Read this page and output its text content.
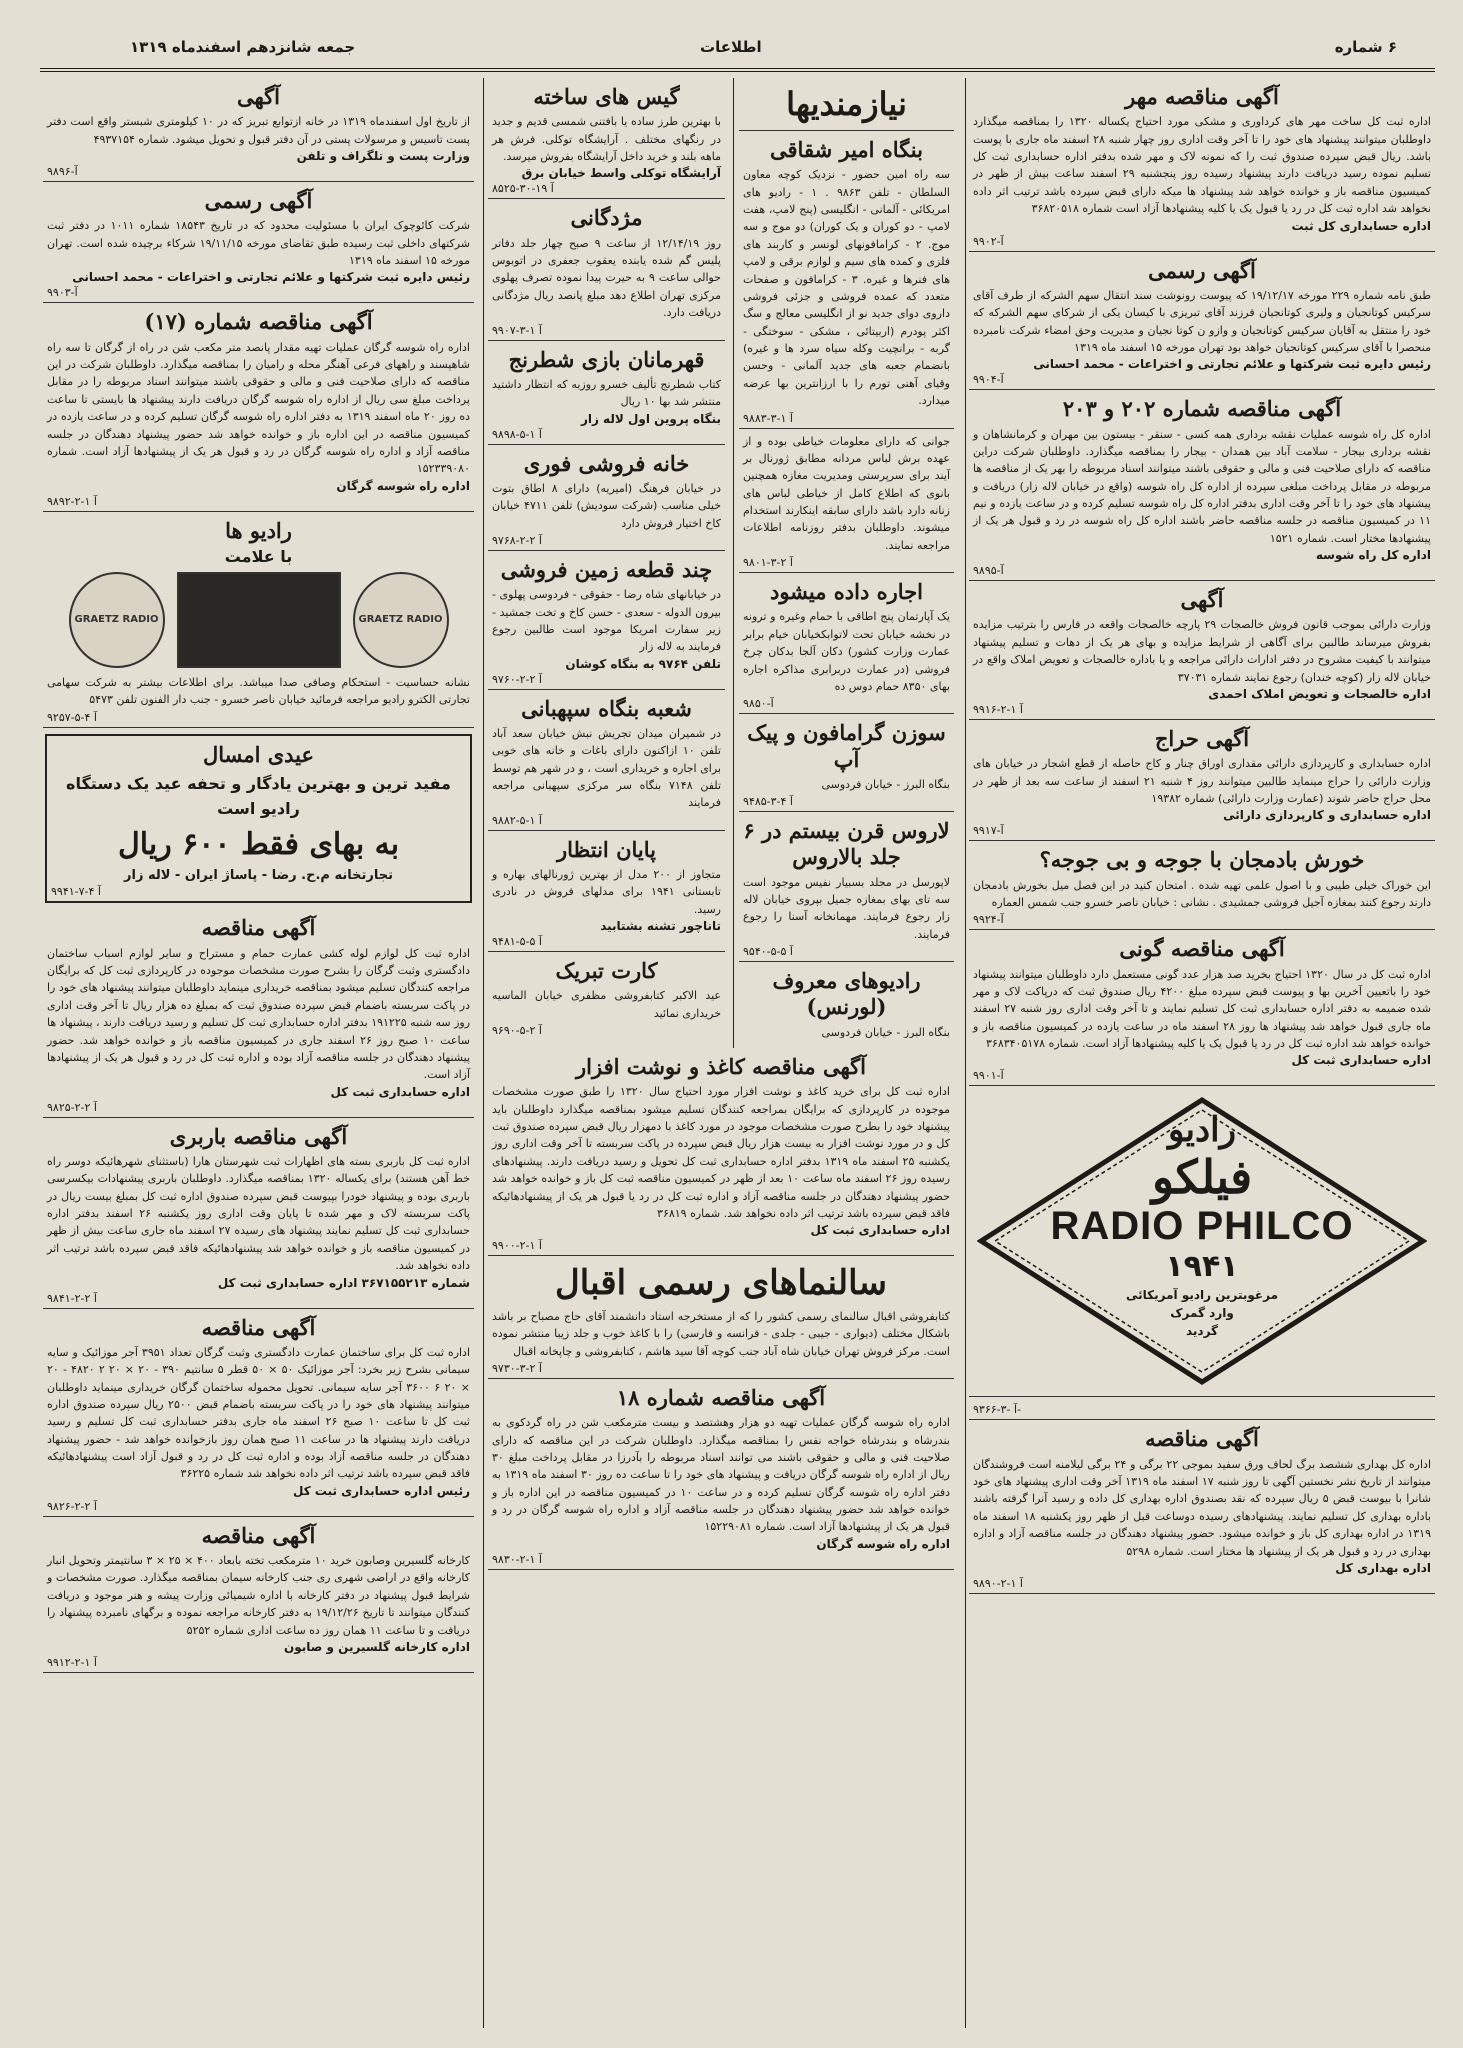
۶ شماره
اطلاعات
جمعه شانزدهم اسفندماه ۱۳۱۹
آگهی مناقصه مهر

اداره ثبت کل ساخت مهر های کرداوری و مشکی مورد احتیاج یکساله ۱۳۲۰ را بمناقصه میگذارد داوطلبان میتوانند پیشنهاد های خود را تا آخر وقت اداری روز چهار شنبه ۲۸ اسفند ماه جاری با پوست باشد. ریال قبض سپرده صندوق ثبت را که نمونه لاک و مهر شده بدفتر اداره حسابداری ثبت کل تسلیم نموده رسید دریافت دارند پیشنهاد رسیده روز پنجشنبه ۲۹ اسفند ساعت بیش از ظهر در کمیسیون مناقصه باز و خوانده خواهد شد پیشنهاد ها میکه دارای قبض سپرده باشد ترتیب اثر داده نخواهد شد اداره ثبت کل در رد یا قبول یک یا کلیه پیشنهادها آزاد است شماره ۳۶۸۲۰۵۱۸

اداره حسابداری کل ثبت
۹۹۰۲-آ
آگهی رسمی

طبق نامه شماره ۲۲۹ مورخه ۱۹/۱۲/۱۷ که پیوست رونوشت سند انتقال سهم الشرکه از طرف آقای سرکیس کوتانجیان و ولیری کوتانجیان فرزند آقای تبریزی با کیسان یکی از شرکای سهم الشرکه که خود را منتقل به آقایان سرکیس کوتانجیان و وازو ن کوتا نجیان و مدیریت وحق امضاء شرکت نامبرده منحصرا با آقای سرکیس کوتانجیان خواهد بود تهران مورخه ۱۵ اسفند ماه ۱۳۱۹

رئیس دایره ثبت شرکتها و علائم تجارتی و اختراعات - محمد احسانی
۹۹۰۴-آ
آگهی مناقصه شماره ۲۰۲ و ۲۰۳

اداره کل راه شوسه عملیات نقشه برداری همه کسی - سنقر - بیستون بین مهران و کرمانشاهان و نقشه برداری بیجار - سلامت آباد بین همدان - بیجار را بمناقصه میگذارد. داوطلبان شرکت دراین مناقصه که دارای صلاحیت فنی و مالی و حقوقی باشند میتوانند اسناد مربوطه را بهر یک از مناقصه ها مربوطه در مقابل پرداخت مبلغی سپرده از اداره کل راه شوسه (واقع در خیابان لاله زار) دریافت و پیشنهاد های خود را تا آخر وقت اداری بدفتر اداره کل راه شوسه تسلیم کرده و در ساعت یازده و نیم ۱۱ در کمیسیون مناقصه در جلسه مناقصه حاضر باشند اداره کل راه شوسه در رد و قبول هر یک از پیشنهادها مختار است. شماره ۱۵۲۱

اداره کل راه شوسه
۹۸۹۵-آ
آگهی

وزارت دارائی بموجب قانون فروش خالصجات ۲۹ پارچه خالصجات واقعه در فارس را بترتیب مزایده بفروش میرساند طالبین برای آگاهی از شرایط مزایده و بهای هر یک از دهات و تسلیم پیشنهاد میتوانند با کیفیت مشروح در دفتر ادارات دارائی مراجعه و یا باداره خالصجات و تعویض املاک واقع در خیابان لاله زار (کوچه خندان) رجوع نمایند شماره ۳۷۰۳۱

اداره خالصجات و تعویض املاک احمدی
۹۹۱۶-آ ۱-۲
آگهی حراج

اداره حسابداری و کارپردازی دارائی مقداری اوراق چنار و کاج حاصله از قطع اشجار در خیابان های وزارت دارائی را حراج مینماید طالبین میتوانند روز ۴ شنبه ۲۱ اسفند از ساعت سه بعد از ظهر در محل حراج حاضر شوند (عمارت وزارت دارائی) شماره ۱۹۳۸۲

اداره حسابداری و کارپردازی دارائی
۹۹۱۷-آ
خورش بادمجان با جوجه و بی جوجه؟

این خوراک خیلی طیبی و با اصول علمی تهیه شده . امتحان کنید در این فصل میل بخورش بادمجان دارند رجوع کنند بمغازه آجیل فروشی جمشیدی . نشانی : خیابان ناصر خسرو جنب شمس العماره

۹۹۲۴-آ
آگهی مناقصه گونی

اداره ثبت کل در سال ۱۳۲۰ احتیاج بخرید صد هزار عدد گونی مستعمل دارد داوطلبان میتوانند پیشنهاد خود را باتعیین آخرین بها و پیوست قبض سپرده مبلغ ۴۲۰۰ ریال صندوق ثبت که درپاکت لاک و مهر شده ضمیمه به دفتر اداره حسابداری ثبت کل تسلیم نمایند و تا آخر وقت اداری روز شنبه ۲۷ اسفند ماه جاری قبول خواهد شد پیشنهاد ها روز ۲۸ اسفند ماه در ساعت یازده در کمیسیون مناقصه باز و خوانده خواهد شد اداره ثبت کل در رد یا قبول یک یا کلیه پیشنهادها آزاد است. شماره ۳۶۸۳۴۰۵۱۷۸

اداره حسابداری ثبت کل
۹۹۰۱-آ
رادیو
فیلکو
RADIO PHILCO
۱۹۴۱
مرغوبترین رادیو آمریکائی
وارد گمرک
گردید
۹۳۶۶-آ -۳-
آگهی مناقصه

اداره کل بهداری ششصد برگ لحاف ورق سفید بموجی ۲۲ برگی و ۲۴ برگی لیلامنه است فروشندگان میتوانند از تاریخ نشر نخستین آگهی تا روز شنبه ۱۷ اسفند ماه ۱۳۱۹ آخر وقت اداری پیشنهاد های خود شانرا با بیوست قبض ۵ ریال سپرده که نقد بصندوق اداره بهداری کل داده و رسید آنرا گرفته باشند باداره بهداری کل تسلیم نمایند. پیشنهادهای رسیده دوساعت قبل از ظهر روز یکشنبه ۱۸ اسفند ماه ۱۳۱۹ در اداره بهداری کل باز و خوانده میشود. حضور پیشنهاد دهندگان در جلسه مناقصه آزاد و اداره بهداری در رد و قبول هر یک از پیشنهاد ها مختار است. شماره ۵۲۹۸

اداره بهداری کل
۹۸۹۰-آ ۱-۲
نیازمندیها
بنگاه امیر شقاقی

سه راه امین حضور - نزدیک کوچه معاون السلطان - تلفن ۹۸۶۳ . ۱ - رادیو های امریکائی - آلمانی - انگلیسی (پنج لامپ، هفت لامپ - دو کوران و یک کوران) دو موج و سه موج. ۲ - کرامافونهای لونسر و کاربند های فلزی و کمده های سیم و لوازم برقی و لامپ های فنرها و غیره. ۳ - کرامافون و صفحات متعدد که عمده فروشی و جزئی فروشی داروی دوای جدید نو از انگلیسی معالج و سگ اکثر پودرم (اربیتائی ، مشکی - سوختگی - گربه - برانچیت وکله سیاه سرد ها و غیره) بانضمام جعبه های جدید آلمانی - وحسن وقیای آهنی تورم را با ارزانترین بها عرضه میدارد.

۹۸۸۳-آ ۱-۳

جوانی که دارای معلومات خیاطی بوده و از عهده برش لباس مردانه مطابق ژورنال بر آیند برای سرپرستی ومدیریت مغازه همچنین بانوی که اطلاع کامل از خیاطی لباس های زنانه دارد باشد دارای سابقه اینکارند استخدام میشوند. داوطلبان بدفتر روزنامه اطلاعات مراجعه نمایند.

۹۸۰۱-آ ۲-۳
اجاره داده میشود

یک آپارتمان پنج اطاقی با حمام وغیره و ترونه در نخشه خیابان تحت لاتوابکخیابان خیام برابر عمارت وزارت کشور) دکان آلجا بدکان چرخ فروشی (در عمارت دربرابری مذاکره اجاره بهای ۸۳۵۰ حمام دوس ده

۹۸۵۰-آ
سوزن گرامافون و پیک آپ

بنگاه البرز - خیابان فردوسی

۹۴۸۵-آ ۴-۳
لاروس قرن بیستم در ۶ جلد بالاروس

لاپورسل در مجلد بسبیار نفیس موجود است سه تای بهای بمغازه جمیل بپروی خیابان لاله زار رجوع فرمایند. مهمانخانه آسنا را رجوع فرمایند.

۹۵۴۰-آ ۵-۵
رادیوهای معروف (لورنس)

بنگاه البرز - خیابان فردوسی

گیس های ساخته

با بهترین طرز ساده یا بافتنی شمسی قدیم و جدید در رنگهای مختلف . آرایشگاه توکلی. فرش هر ماهه بلند و خرید داخل آرایشگاه بفروش میرسد.

آرایشگاه توکلی واسط خیابان برق
۸۵۲۵-آ ۱۹-۳۰
مژدگانی

روز ۱۲/۱۴/۱۹ از ساعت ۹ صبح چهار جلد دفاتر پلیس گم شده یابنده یعقوب جعفری در اتوبوس حوالی ساعت ۹ به حیرت پیدا نموده تصرف پهلوی مرکزی تهران اطلاع دهد مبلغ پانصد ریال مژدگانی دریافت دارد.

۹۹۰۷-آ ۱-۳
قهرمانان بازی شطرنج

کتاب شطرنج تألیف خسرو روزبه که انتظار داشتید منتشر شد بها ۱۰ ریال

بنگاه پروین اول لاله زار
۹۸۹۸-آ ۱-۵
خانه فروشی فوری

در خیابان فرهنگ (امیریه) دارای ۸ اطاق بتوت خیلی مناسب (شرکت سودیش) تلفن ۴۷۱۱ خیابان کاخ اختیار فروش دارد

۹۷۶۸-آ ۲-۲
چند قطعه زمین فروشی

در خیابانهای شاه رضا - حقوقی - فردوسی پهلوی - بیرون الدوله - سعدی - حسن کاخ و تخت جمشید - زیر سفارت امریکا موجود است طالبین رجوع فرمایند به لاله زار

تلفن ۹۷۶۴ به بنگاه کوشان
۹۷۶۰-آ ۲-۲
شعبه بنگاه سپهبانی

در شمیران میدان تجریش نبش خیابان سعد آباد تلفن ۱۰ ازاکنون دارای باغات و خانه های خوبی برای اجاره و خریداری است ، و در شهر هم توسط تلفن ۷۱۴۸ بنگاه سر مرکزی سپهبانی مراجعه فرمایند

۹۸۸۲-آ ۱-۵
پایان انتظار

متجاوز از ۲۰۰ مدل از بهترین ژورنالهای بهاره و تابستانی ۱۹۴۱ برای مدلهای فروش در نادری رسید.

تاناچور تشنه بشتابید
۹۴۸۱-آ ۵-۵
کارت تبریک

عید الاکبر کتابفروشی مظفری خیابان الماسیه خریداری نمائید

۹۶۹۰-آ ۲-۵

آگهی مناقصه کاغذ و نوشت افزار

اداره ثبت کل برای خرید کاغذ و نوشت افزار مورد احتیاج سال ۱۳۲۰ را طبق صورت مشخصات موجوده در کارپردازی که برایگان بمراجعه کنندگان تسلیم میشود بمناقصه میگذارد داوطلبان باید پیشنهاد خود را بطرح صورت مشخصات موجود در مورد کاغذ با دمهزار ریال قبض سپرده صندوق ثبت کل و در مورد نوشت افزار به بیست هزار ریال قبض سپرده در پاکت سربسته تا آخر وقت اداری روز یکشنبه ۲۵ اسفند ماه ۱۳۱۹ بدفتر اداره حسابداری ثبت کل تحویل و رسید دریافت دارند. پیشنهادهای رسیده روز ۲۶ اسفند ماه ساعت ۱۰ بعد از ظهر در کمیسیون مناقصه ثبت کل باز و خوانده خواهد شد حضور پیشنهاد دهندگان در جلسه مناقصه آزاد و اداره ثبت کل در رد یا قبول هر یک از پیشنهادهائیکه فاقد قبض سپرده باشد ترتیب اثر داده نخواهد شد. شماره ۳۶۸۱۹

اداره حسابداری ثبت کل
۹۹۰۰-آ ۱-۲
سالنماهای رسمی اقبال

کتابفروشی اقبال سالنمای رسمی کشور را که از مستخرجه استاد دانشمند آقای حاج مصباح بر باشد باشکال مختلف (دیواری - جیبی - جلدی - فرانسه و فارسی) را با کاغذ خوب و جلد زیبا منتشر نموده است. مرکز فروش تهران خیابان شاه آباد جنب کوچه آقا سید هاشم ، کتابفروشی و چاپخانه اقبال

۹۷۳۰-آ ۲-۳
آگهی مناقصه شماره ۱۸

اداره راه شوسه گرگان عملیات تهیه دو هزار وهشتصد و بیست مترمکعب شن در راه گردکوی به بندرشاه و بندرشاه خواجه نفس را بمناقصه میگذارد. داوطلبان شرکت در این مناقصه که دارای صلاحیت فنی و مالی و حقوقی باشند می توانند اسناد مربوطه را بآدرزا در مقابل پرداخت مبلغ ۳۰ ریال از اداره راه شوسه گرگان دریافت و پیشنهاد های خود را تا ساعت ده روز ۳۰ اسفند ماه ۱۳۱۹ به دفتر اداره راه شوسه گرگان تسلیم کرده و در ساعت ۱۰ در کمیسیون مناقصه در این اداره باز و خوانده خواهد شد حضور پیشنهاد دهندگان در جلسه مناقصه آزاد و اداره راه شوسه گرگان در رد و قبول هر یک از پیشنهادها آزاد است. شماره ۱۵۲۲۹۰۸۱

اداره راه شوسه گرگان
۹۸۳۰-آ ۱-۲
آگهی

از تاریخ اول اسفندماه ۱۳۱۹ در خانه ازتوابع تبریز که در ۱۰ کیلومتری شبستر واقع است دفتر پست تاسیس و مرسولات پستی در آن دفتر قبول و تحویل میشود. شماره ۴۹۳۷۱۵۴

وزارت پست و تلگراف و تلفن
۹۸۹۶-آ
آگهی رسمی

شرکت کائوچوک ایران با مسئولیت محدود که در تاریخ ۱۸۵۴۳ شماره ۱۰۱۱ در دفتر ثبت شرکتهای داخلی ثبت رسیده طبق تقاضای مورخه ۱۹/۱۱/۱۵ شرکاء برچیده شده است. تهران مورخه ۱۵ اسفند ماه ۱۳۱۹

رئیس دایره ثبت شرکتها و علائم تجارتی و اختراعات - محمد احسانی
۹۹۰۳-آ
آگهی مناقصه شماره (۱۷)

اداره راه شوسه گرگان عملیات تهیه مقدار پانصد متر مکعب شن در راه از گرگان تا سه راه شاهپسند و راههای فرعی آهنگر محله و رامیان را بمناقصه میگذارد. داوطلبان شرکت در این مناقصه که دارای صلاحیت فنی و مالی و حقوقی باشند میتوانند اسناد مربوطه را در مقابل پرداخت مبلغ سی ریال از اداره راه شوسه گرگان دریافت دارند پیشنهاد ها بایستی تا ساعت ده روز ۲۰ ماه اسفند ۱۳۱۹ به دفتر اداره راه شوسه گرگان تسلیم کرده و در ساعت یازده در کمیسیون مناقصه در این اداره باز و خوانده خواهد شد حضور پیشنهاد دهندگان در جلسه مناقصه آزاد و اداره راه شوسه گرگان در رد و قبول هر یک از پیشنهادها آزاد است. شماره ۱۵۲۳۳۹۰۸۰

اداره راه شوسه گرگان
۹۸۹۲-آ ۱-۲
رادیو ها
با علامت
GRAETZ RADIO	GRAETZ RADIO

نشانه حساسیت - استحکام وصافی صدا میباشد. برای اطلاعات بیشتر به شرکت سهامی تجارتی الکترو رادیو مراجعه فرمائید خیابان ناصر خسرو - جنب دار الفنون تلفن ۵۴۷۳

۹۲۵۷-آ ۴-۵
عیدی امسال

مفید ترین و بهترین یادگار و تحفه عید یک دستگاه رادیو است

به بهای فقط ۶۰۰ ریال
تجارتخانه م.ح. رضا - پاساژ ایران - لاله زار
۹۹۴۱-آ ۴-۷
آگهی مناقصه

اداره ثبت کل لوازم لوله کشی عمارت حمام و مستراح و سایر لوازم اسباب ساختمان دادگستری وثبت گرگان را بشرح صورت مشخصات موجوده در کارپردازی ثبت کل که برایگان مراجعه کنندگان تسلیم میشود بمناقصه خریداری مینماید داوطلبان میتوانند پیشنهاد های خود را در پاکت سربسته باضمام قبض سپرده صندوق ثبت که بمبلغ ده هزار ریال تا آخر وقت اداری روز سه شنبه ۱۹۱۲۲۵ بدفتر اداره حسابداری ثبت کل تسلیم و رسید دریافت دارند ، پیشنهاد ها ساعت ۱۰ صبح روز ۲۶ اسفند جاری در کمیسیون مناقصه باز و خوانده خواهد شد. حضور پیشنهاد دهندگان در جلسه مناقصه آزاد بوده و اداره ثبت کل در رد و قبول هر یک از پیشنهادها آزاد است.

اداره حسابداری ثبت کل
۹۸۲۵-آ ۲-۲
آگهی مناقصه باربری

اداره ثبت کل باربری بسته های اظهارات ثبت شهرستان هارا (باستثنای شهرهائیکه دوسر راه خط آهن هستند) برای یکساله ۱۳۲۰ بمناقصه میگذارد. داوطلبان باربری پیشنهادات بیکسرسی باربری بوده و پیشنهاد خودرا بپیوست قبض سپرده صندوق اداره ثبت کل بمبلغ بیست ریال در پاکت سربسته لاک و مهر شده تا پایان وقت اداری روز یکشنبه ۲۶ اسفند بدفتر اداره حسابداری ثبت کل تسلیم نمایند پیشنهاد های رسیده ۲۷ اسفند ماه جاری ساعت بیش از ظهر در کمیسیون مناقصه باز و خوانده خواهد شد پیشنهادهائیکه فاقد قبض سپرده باشد ترتیب اثر داده نخواهد شد.

شماره ۳۶۷۱۵۵۲۱۳ اداره حسابداری ثبت کل
۹۸۴۱-آ ۲-۲
آگهی مناقصه

اداره ثبت کل برای ساختمان عمارت دادگستری وثبت گرگان تعداد ۳۹۵۱ آجر موزائیک و سایه سیمانی بشرح زیر بخرد: آجر موزائیک ۵۰ × ۵۰ قطر ۵ سانتیم ۳۹۰ - ۲۰ × ۲۰ ۲ ۴۸۲۰ - ۲۰ × ۲۰ ۶ ۳۶۰۰ آجر سایه سیمانی. تحویل محموله ساختمان گرگان خریداری مینماید داوطلبان میتوانند پیشنهاد های خود را در پاکت سربسته باضمام قبض ۲۵۰۰ ریال سپرده صندوق اداره ثبت کل تا ساعت ۱۰ صبح ۲۶ اسفند ماه جاری بدفتر حسابداری ثبت کل تسلیم و رسید دریافت دارند پیشنهاد ها در ساعت ۱۱ صبح همان روز بازخوانده خواهد شد - حضور پیشنهاد دهندگان در جلسه مناقصه آزاد بوده و اداره ثبت کل در رد و قبول آزاد است پیشنهادهائیکه فاقد قبض سپرده باشد ترتیب اثر داده نخواهد شد شماره ۳۶۲۲۵

رئیس اداره حسابداری ثبت کل
۹۸۲۶-آ ۲-۲
آگهی مناقصه

کارخانه گلسیرین وصابون خرید ۱۰ مترمکعب تخته بابعاد ۴۰۰ × ۲۵ × ۳ سانتیمتر وتحویل انبار کارخانه واقع در اراضی شهری ری جنب کارخانه سیمان بمناقصه میگذارد. صورت مشخصات و شرایط قبول پیشنهاد در دفتر کارخانه با اداره شیمیائی وزارت پیشه و هنر موجود و دریافت کنندگان میتوانند تا تاریخ ۱۹/۱۲/۲۶ به دفتر کارخانه مراجعه نموده و برگهای نامبرده پیشنهاد را دریافت و تا ساعت ۱۱ همان روز ده ساعت اداری شماره ۵۲۵۲

اداره کارخانه گلسیرین و صابون
۹۹۱۲-آ ۱-۲
